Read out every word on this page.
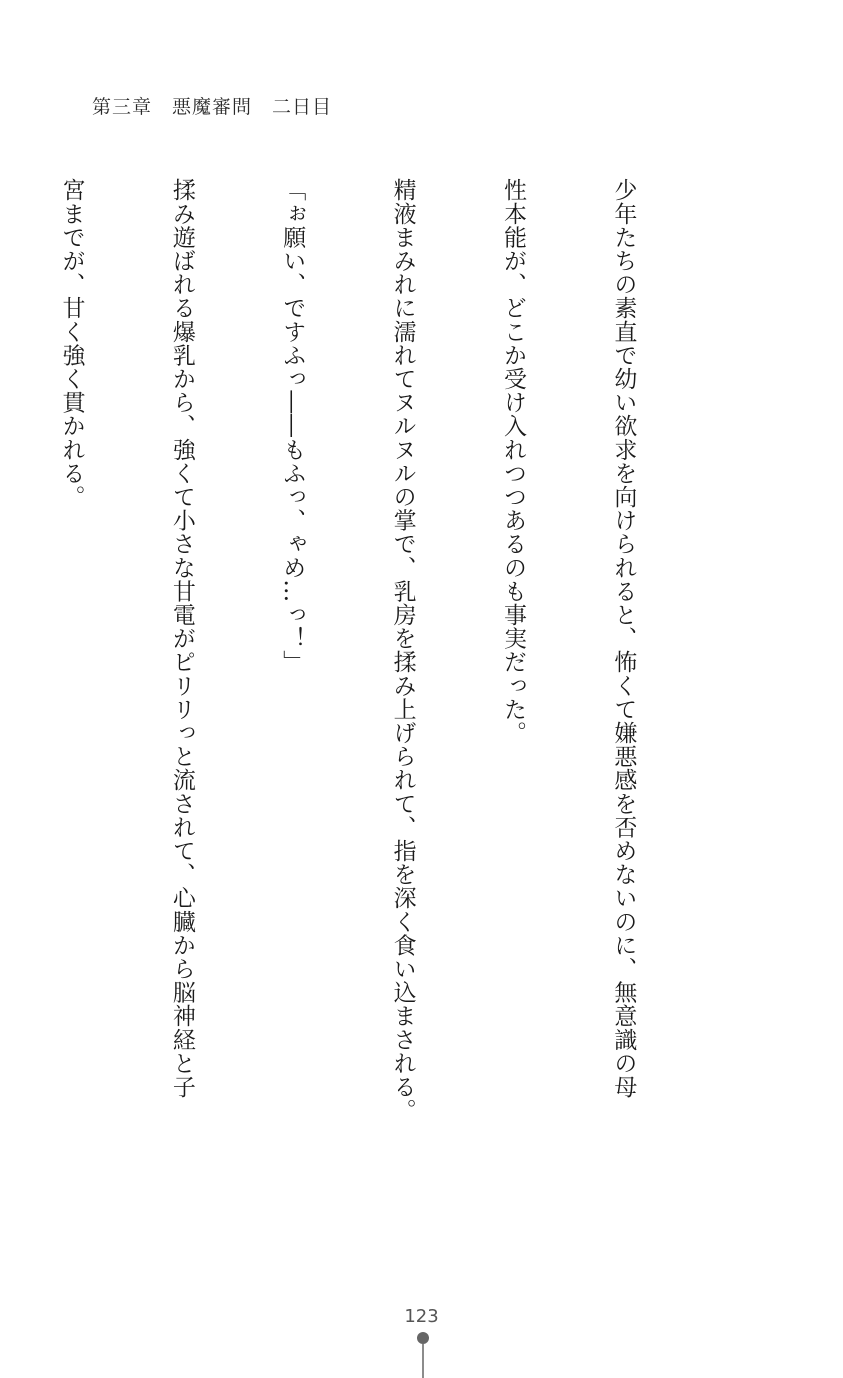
第三章　悪魔審問　二日目

少年たちの素直で幼い欲求を向けられると、怖くて嫌悪感を否めないのに、無意識の母

性本能が、どこか受け入れつつあるのも事実だった。

精液まみれに濡れてヌルヌルの掌で、乳房を揉み上げられて、指を深く食い込まされる。

「ぉ願い、ですふっ――もふっ、ゃめ…っ！」

揉み遊ばれる爆乳から、強くて小さな甘電がピリリっと流されて、心臓から脳神経と子

宮までが、甘く強く貫かれる。

123
